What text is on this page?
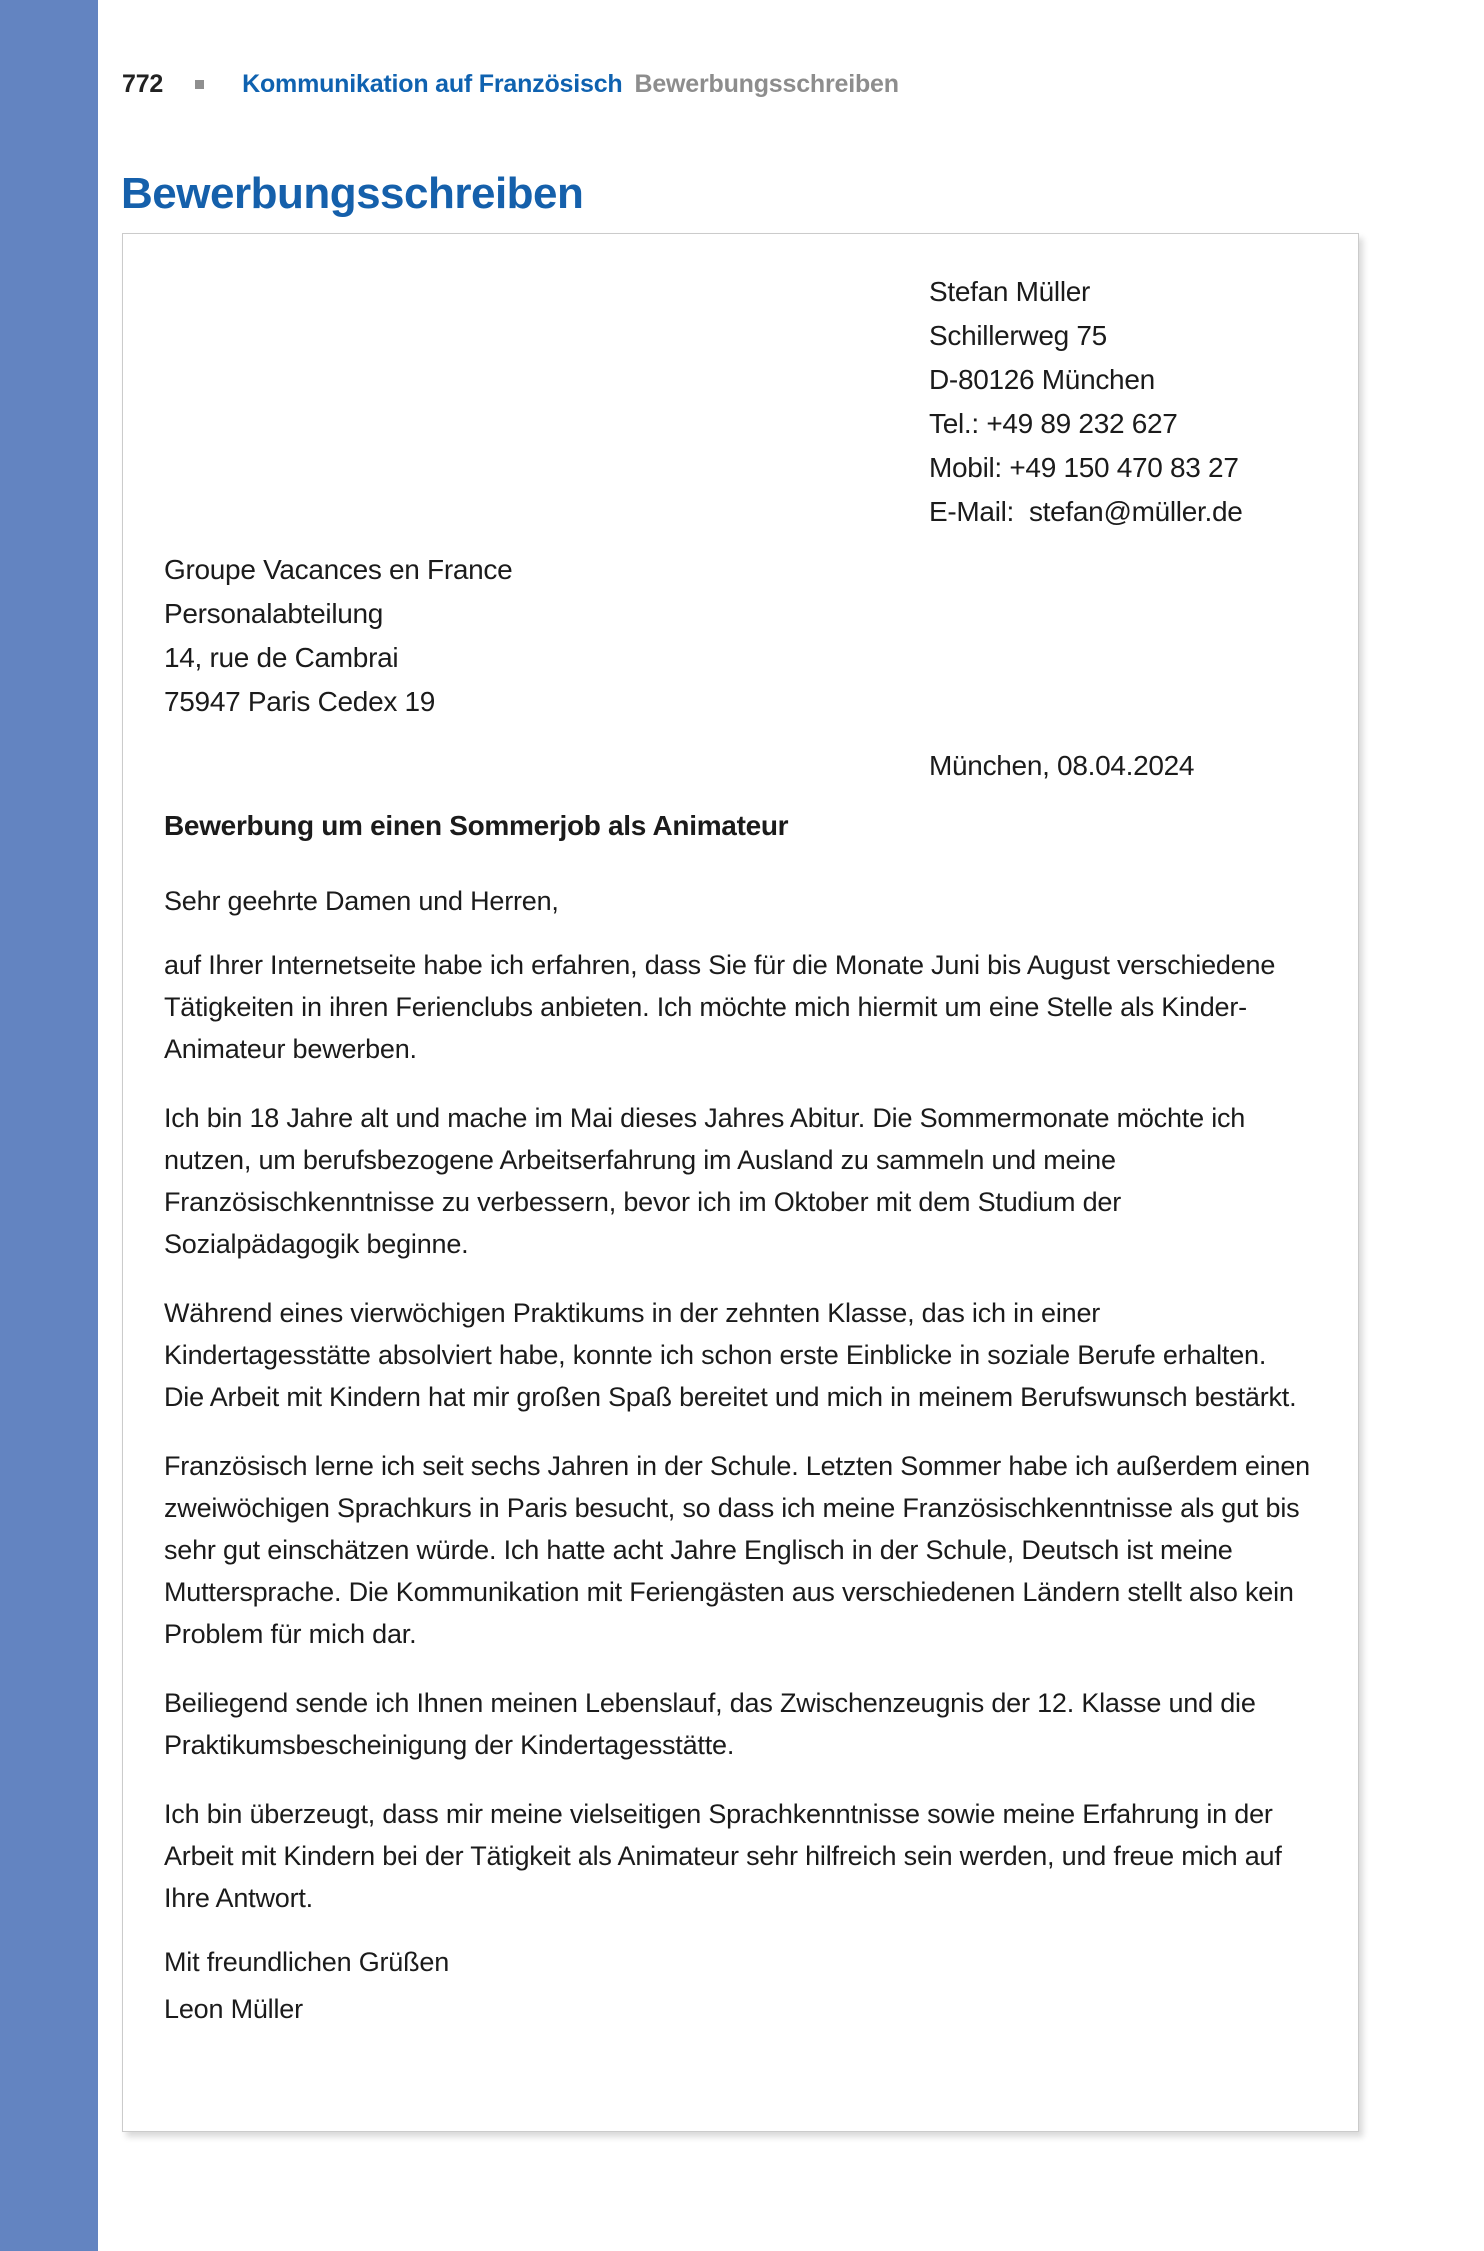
772	Kommunikation auf Französisch Bewerbungsschreiben
Bewerbungsschreiben
Stefan Müller
Schillerweg 75
D-80126 München
Tel.: +49 89 232 627
Mobil: +49 150 470 83 27
E-Mail:  stefan@müller.de
Groupe Vacances en France
Personalabteilung
14, rue de Cambrai
75947 Paris Cedex 19
München, 08.04.2024
Bewerbung um einen Sommerjob als Animateur
Sehr geehrte Damen und Herren,

auf Ihrer Internetseite habe ich erfahren, dass Sie für die Monate Juni bis August verschiedene Tätigkeiten in ihren Ferienclubs anbieten. Ich möchte mich hiermit um eine Stelle als Kinder-Animateur bewerben.

Ich bin 18 Jahre alt und mache im Mai dieses Jahres Abitur. Die Sommermonate möchte ich nutzen, um berufsbezogene Arbeitserfahrung im Ausland zu sammeln und meine Französischkenntnisse zu verbessern, bevor ich im Oktober mit dem Studium der Sozialpädagogik beginne.

Während eines vierwöchigen Praktikums in der zehnten Klasse, das ich in einer Kindertagesstätte absolviert habe, konnte ich schon erste Einblicke in soziale Berufe erhalten. Die Arbeit mit Kindern hat mir großen Spaß bereitet und mich in meinem Berufswunsch bestärkt.

Französisch lerne ich seit sechs Jahren in der Schule. Letzten Sommer habe ich außerdem einen zweiwöchigen Sprachkurs in Paris besucht, so dass ich meine Französischkenntnisse als gut bis sehr gut einschätzen würde. Ich hatte acht Jahre Englisch in der Schule, Deutsch ist meine Muttersprache. Die Kommunikation mit Feriengästen aus verschiedenen Ländern stellt also kein Problem für mich dar.

Beiliegend sende ich Ihnen meinen Lebenslauf, das Zwischenzeugnis der 12. Klasse und die Praktikumsbescheinigung der Kindertagesstätte.

Ich bin überzeugt, dass mir meine vielseitigen Sprachkenntnisse sowie meine Erfahrung in der Arbeit mit Kindern bei der Tätigkeit als Animateur sehr hilfreich sein werden, und freue mich auf Ihre Antwort.

Mit freundlichen Grüßen
Leon Müller
